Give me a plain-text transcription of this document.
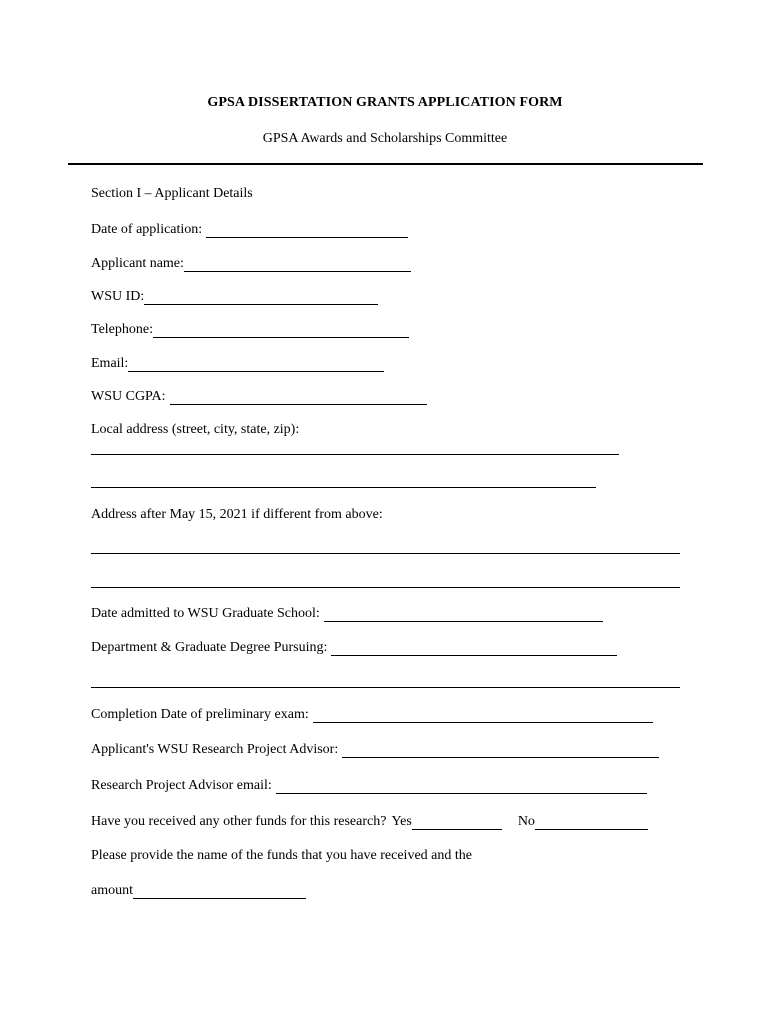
GPSA DISSERTATION GRANTS APPLICATION FORM
GPSA Awards and Scholarships Committee
Section I – Applicant Details
Date of application:
Applicant name:
WSU ID:
Telephone:
Email:
WSU CGPA:
Local address (street, city, state, zip):
Address after May 15, 2021 if different from above:
Date admitted to WSU Graduate School:
Department & Graduate Degree Pursuing:
Completion Date of preliminary exam:
Applicant's WSU Research Project Advisor:
Research Project Advisor email:
Have you received any other funds for this research? Yes	No
Please provide the name of the funds that you have received and the
amount
